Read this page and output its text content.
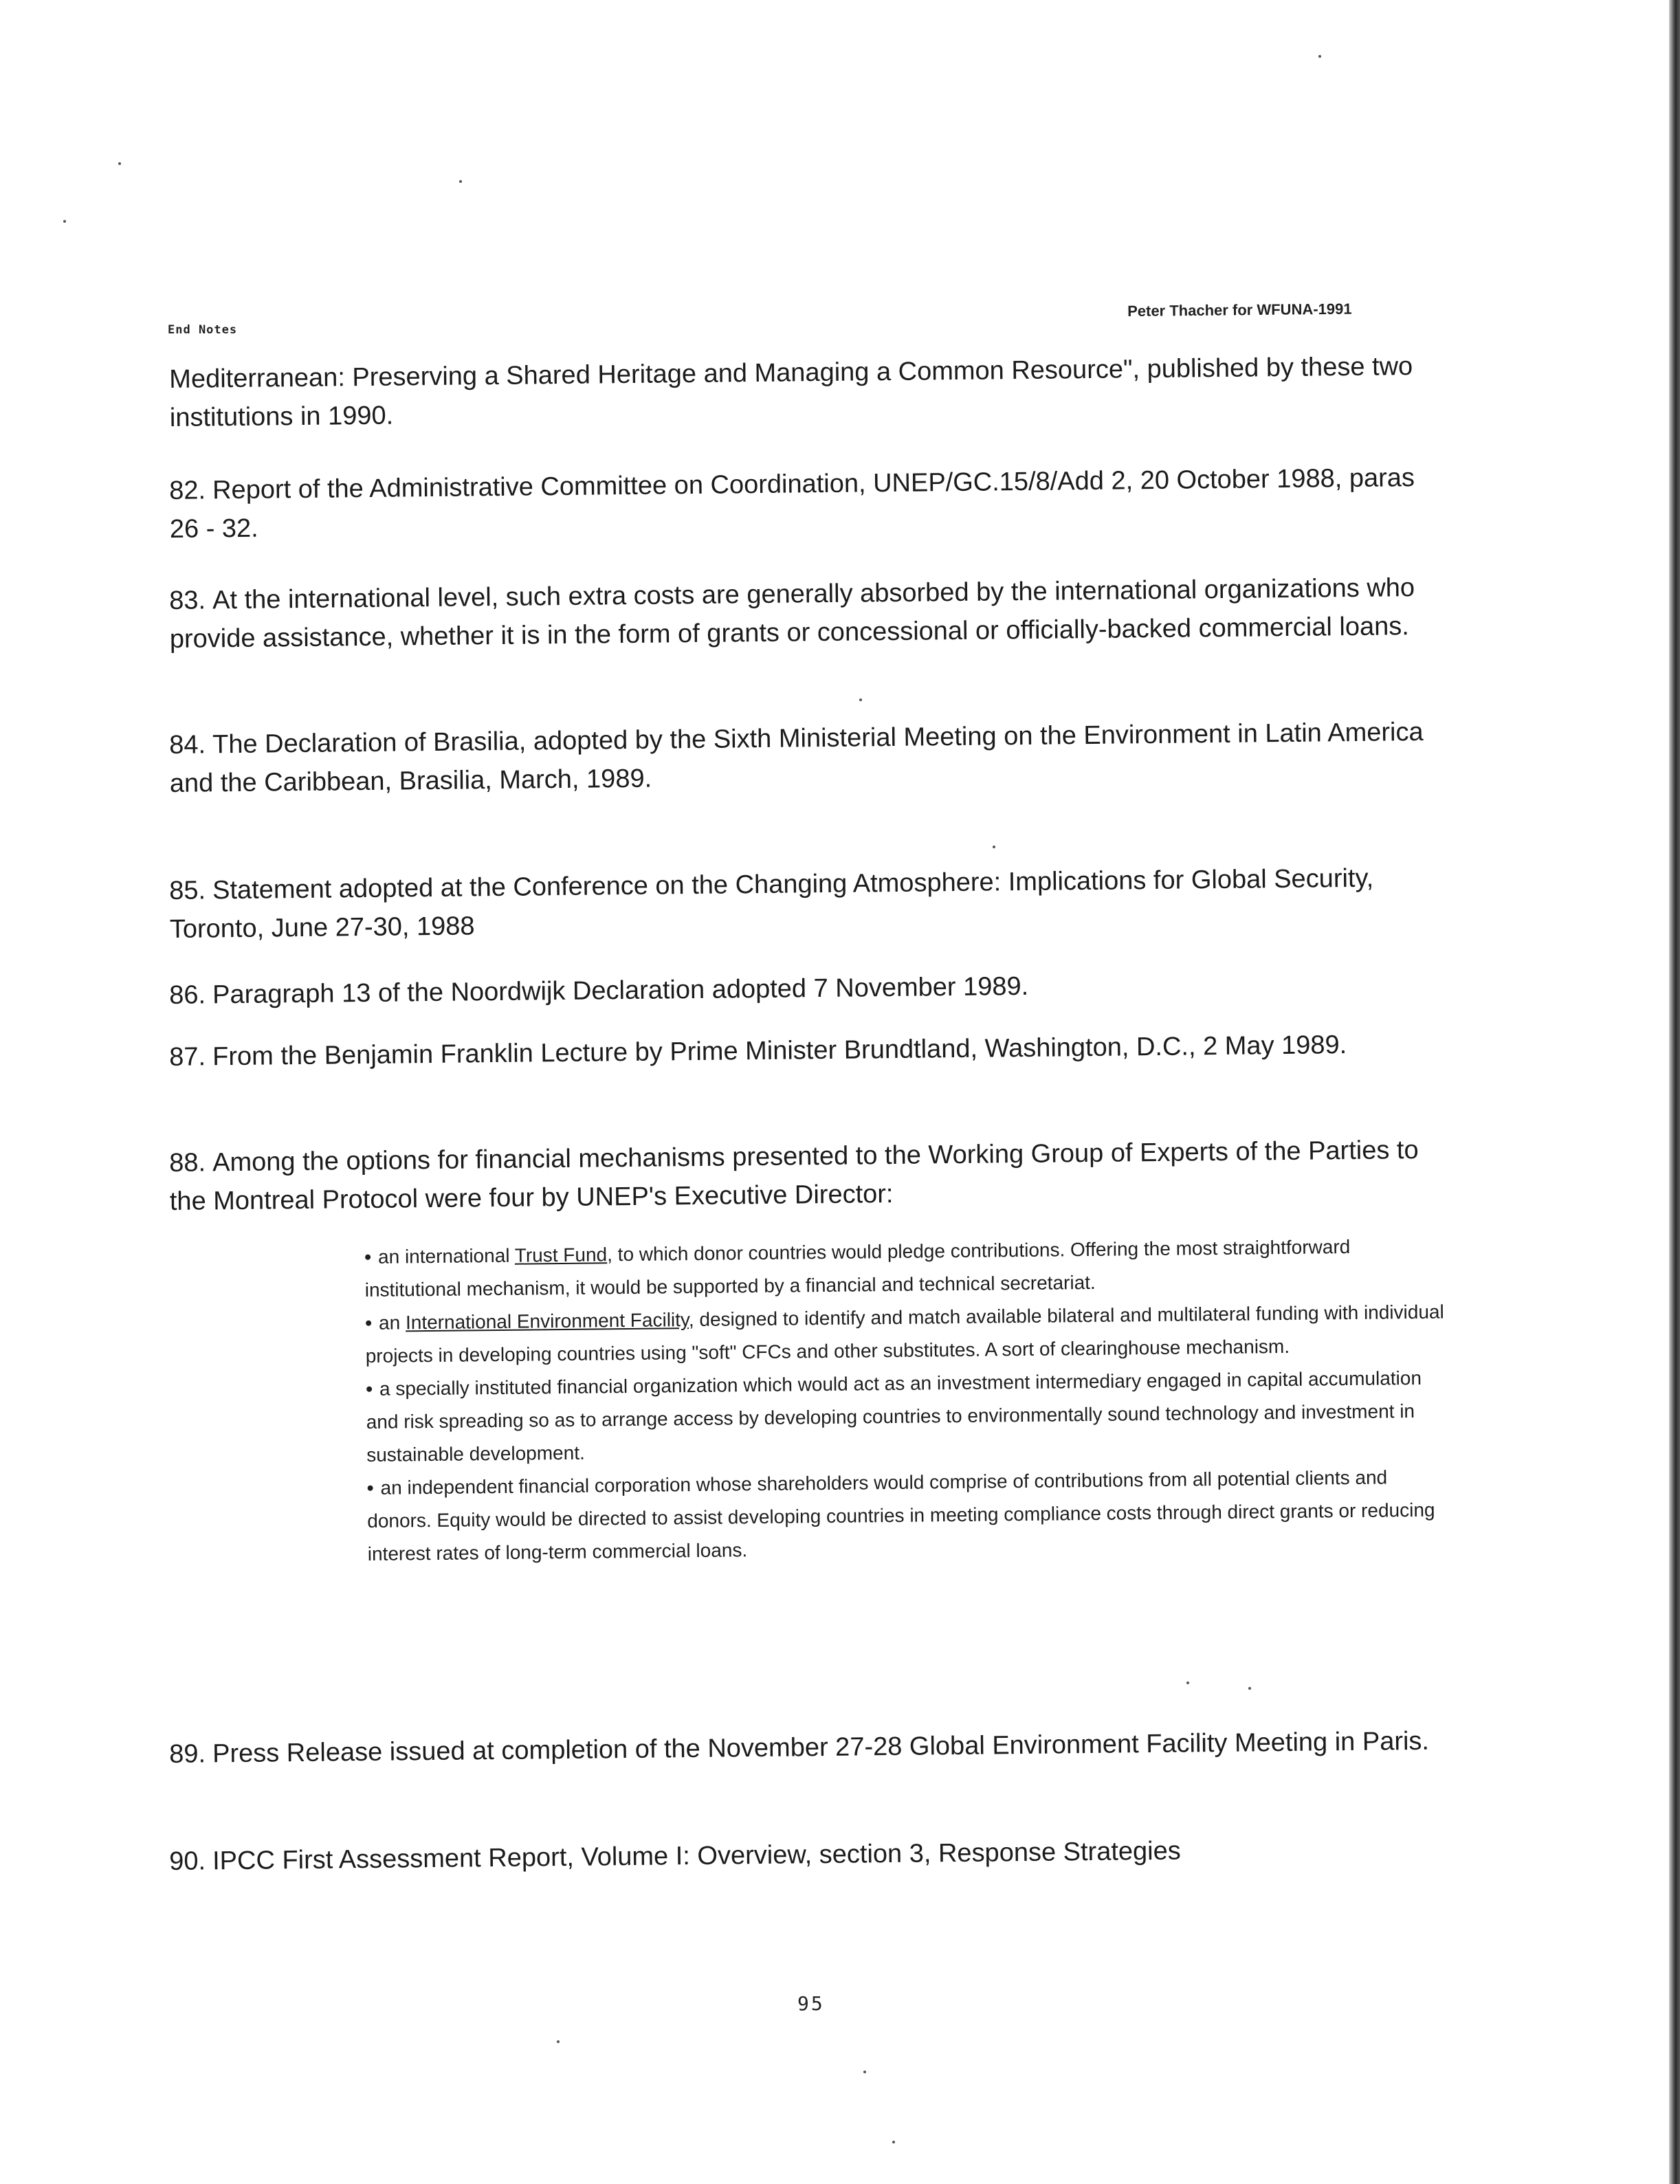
End Notes
Peter Thacher for WFUNA-1991
Mediterranean: Preserving a Shared Heritage and Managing a Common Resource", published by these two institutions in 1990.
82. Report of the Administrative Committee on Coordination, UNEP/GC.15/8/Add 2, 20 October 1988, paras 26 - 32.
83. At the international level, such extra costs are generally absorbed by the international organizations who provide assistance, whether it is in the form of grants or concessional or officially-backed commercial loans.
84. The Declaration of Brasilia, adopted by the Sixth Ministerial Meeting on the Environment in Latin America and the Caribbean, Brasilia, March, 1989.
85. Statement adopted at the Conference on the Changing Atmosphere: Implications for Global Security, Toronto, June 27-30, 1988
86. Paragraph 13 of the Noordwijk Declaration adopted 7 November 1989.
87. From the Benjamin Franklin Lecture by Prime Minister Brundtland, Washington, D.C., 2 May 1989.
88. Among the options for financial mechanisms presented to the Working Group of Experts of the Parties to the Montreal Protocol were four by UNEP's Executive Director:

• an international Trust Fund, to which donor countries would pledge contributions. Offering the most straightforward institutional mechanism, it would be supported by a financial and technical secretariat.

• an International Environment Facility, designed to identify and match available bilateral and multilateral funding with individual projects in developing countries using "soft" CFCs and other substitutes. A sort of clearinghouse mechanism.

• a specially instituted financial organization which would act as an investment intermediary engaged in capital accumulation and risk spreading so as to arrange access by developing countries to environmentally sound technology and investment in sustainable development.

• an independent financial corporation whose shareholders would comprise of contributions from all potential clients and donors. Equity would be directed to assist developing countries in meeting compliance costs through direct grants or reducing interest rates of long-term commercial loans.

89. Press Release issued at completion of the November 27-28 Global Environment Facility Meeting in Paris.
90. IPCC First Assessment Report, Volume I: Overview, section 3, Response Strategies
95
